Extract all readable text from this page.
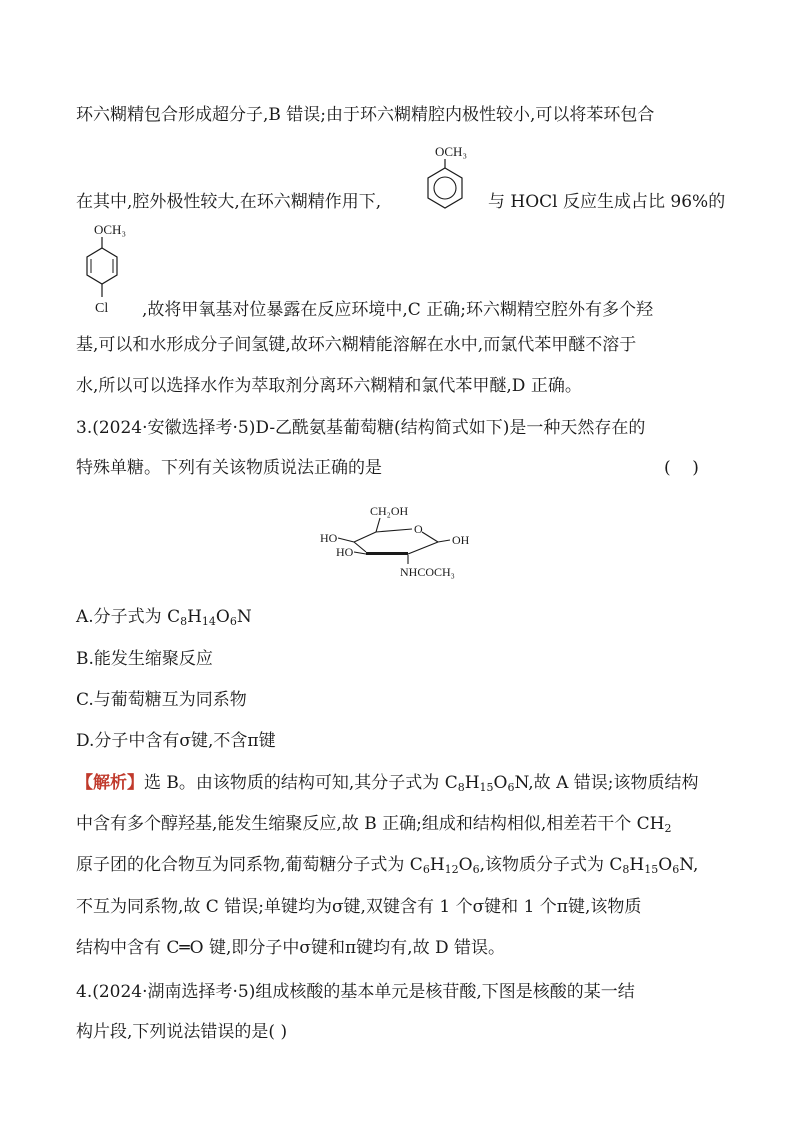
环六糊精包合形成超分子,B 错误;由于环六糊精腔内极性较小,可以将苯环包合
在其中,腔外极性较大,在环六糊精作用下,	与 HOCl 反应生成占比 96%的
OCH₃
OCH₃
Cl ,故将甲氧基对位暴露在反应环境中,C 正确;环六糊精空腔外有多个羟
基,可以和水形成分子间氢键,故环六糊精能溶解在水中,而氯代苯甲醚不溶于
水,所以可以选择水作为萃取剂分离环六糊精和氯代苯甲醚,D 正确。
3.(2024·安徽选择考·5)D-乙酰氨基葡萄糖(结构简式如下)是一种天然存在的
特殊单糖。下列有关该物质说法正确的是	(    )
CH₂OH
O
OH
HO
HO
NHCOCH₃
A.分子式为 $C_8H_{14}O_6N$
B.能发生缩聚反应
C.与葡萄糖互为同系物
D.分子中含有σ键,不含π键
【解析】选 B。由该物质的结构可知,其分子式为 $C_8H_{15}O_6N$,故 A 错误;该物质结构
中含有多个醇羟基,能发生缩聚反应,故 B 正确;组成和结构相似,相差若干个 $CH_2$
原子团的化合物互为同系物,葡萄糖分子式为 $C_6H_{12}O_6$,该物质分子式为 $C_8H_{15}O_6N$,
不互为同系物,故 C 错误;单键均为σ键,双键含有 1 个σ键和 1 个π键,该物质
结构中含有 C═O 键,即分子中σ键和π键均有,故 D 错误。
4.(2024·湖南选择考·5)组成核酸的基本单元是核苷酸,下图是核酸的某一结
构片段,下列说法错误的是( )
